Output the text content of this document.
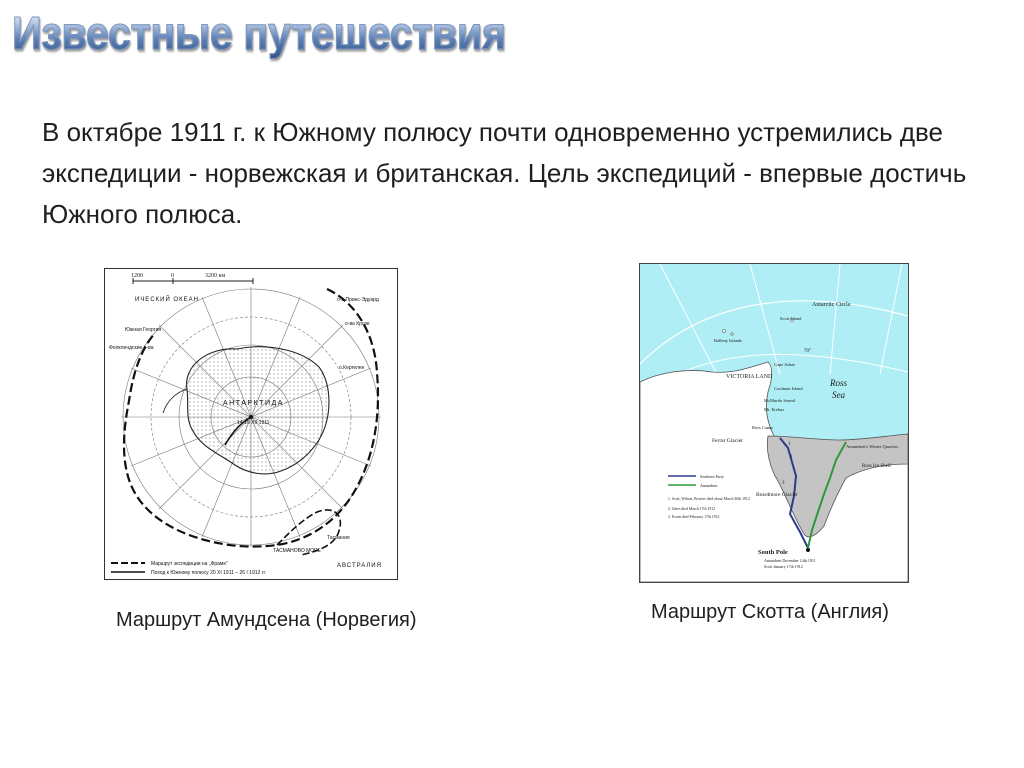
Известные путешествия

В октябре 1911 г. к Южному полюсу почти одновременно устремились две экспедиции - норвежская и британская. Цель экспедиций - впервые достичь Южного полюса.

1200	0	3200 км
АНТАРКТИДА
14-16 XII 1911
ИЧЕСКИЙ ОКЕАН	о-в Принс-Эдуард
о-ва Крозе
о.Кергелен
Южная Георгия
Фолклендские о-ва
Тасмания
ТАСМАНОВО МОРЕ
АВСТРАЛИЯ
Маршрут экспедиции на „Фраме“
Поход к Южному полюсу 20 XI 1911 – 26 I 1912 гг.

Маршрут Амундсена (Норвегия)

Antarctic Circle
Scott Island
Balleny Islands
70°
VICTORIA LAND
Cape Adare
Coulman Island
McMurdo Sound
Mt. Erebus
Ross Camp
Ferrar Glacier
Ross
Sea
Amundsen's Winter Quarters
Ross Ice Shelf
Beardmore Glacier
1
2
3
South Pole
Amundsen December 14th 1911
Scott January 17th 1912
Southern Party
Amundsen
1. Scott, Wilson, Bowers died about March 30th 1912
2. Oates died March 17th 1912
3. Evans died February 17th 1912

Маршрут Скотта (Англия)
